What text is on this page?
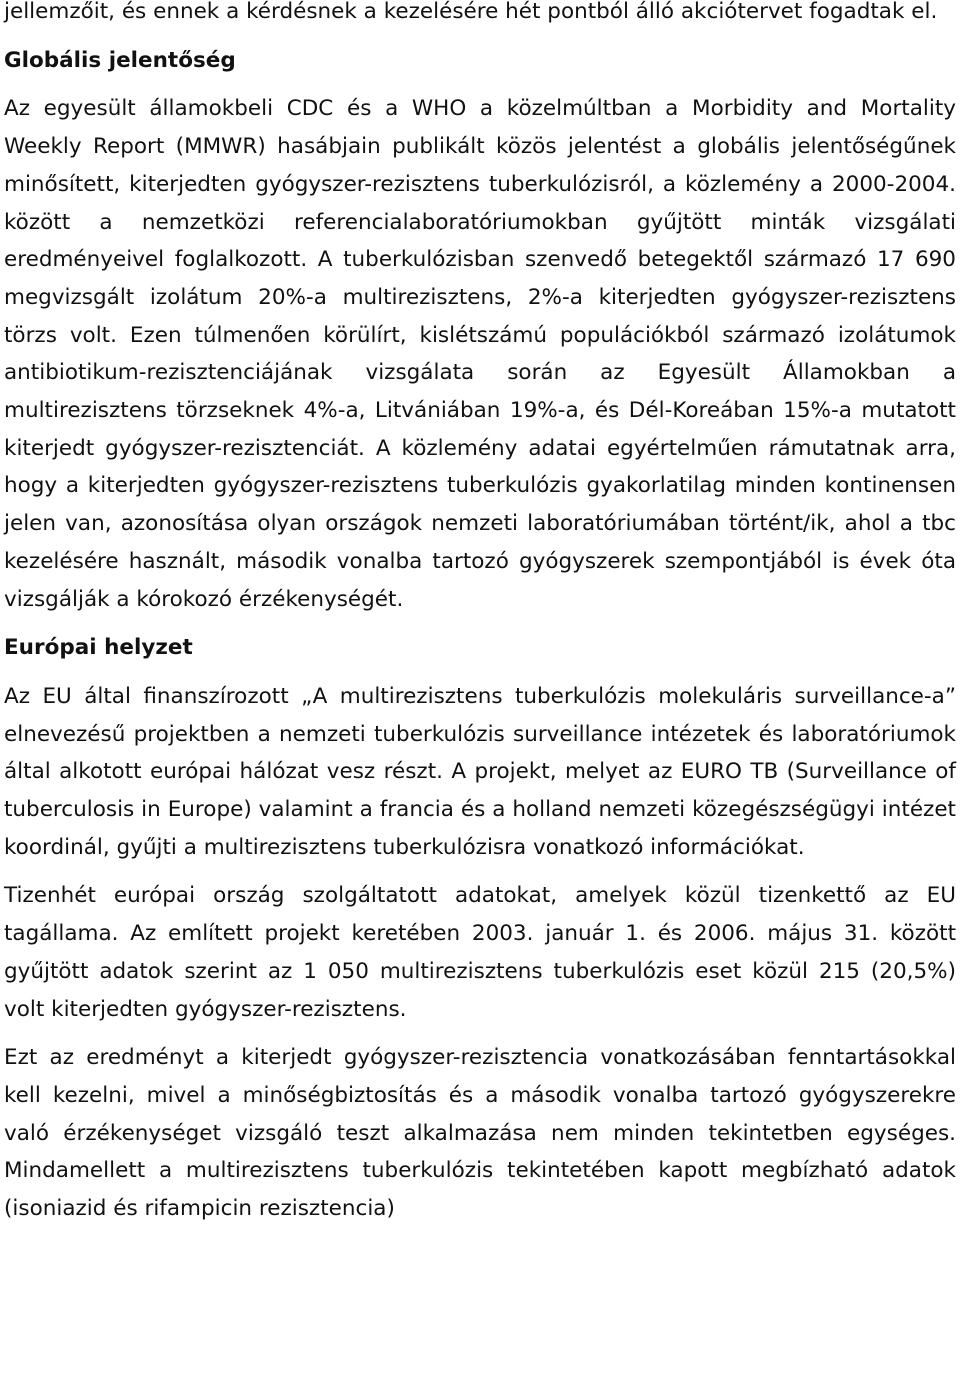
jellemzőit, és ennek a kérdésnek a kezelésére hét pontból álló akciótervet fogadtak el.

Globális jelentőség

Az egyesült államokbeli CDC és a WHO a közelmúltban a Morbidity and Mortality Weekly Report (MMWR) hasábjain publikált közös jelentést a globális jelentőségűnek minősített, kiterjedten gyógyszer-rezisztens tuberkulózisról, a közlemény a 2000-2004. között a nemzetközi referencialaboratóriumokban gyűjtött minták vizsgálati eredményeivel foglalkozott. A tuberkulózisban szenvedő betegektől származó 17 690 megvizsgált izolátum 20%-a multirezisztens, 2%-a kiterjedten gyógyszer-rezisztens törzs volt. Ezen túlmenően körülírt, kislétszámú populációkból származó izolátumok antibiotikum-rezisztenciájának vizsgálata során az Egyesült Államokban a multirezisztens törzseknek 4%-a, Litvániában 19%-a, és Dél-Koreában 15%-a mutatott kiterjedt gyógyszer-rezisztenciát. A közlemény adatai egyértelműen rámutatnak arra, hogy a kiterjedten gyógyszer-rezisztens tuberkulózis gyakorlatilag minden kontinensen jelen van, azonosítása olyan országok nemzeti laboratóriumában történt/ik, ahol a tbc kezelésére használt, második vonalba tartozó gyógyszerek szempontjából is évek óta vizsgálják a kórokozó érzékenységét.

Európai helyzet

Az EU által finanszírozott „A multirezisztens tuberkulózis molekuláris surveillance-a” elnevezésű projektben a nemzeti tuberkulózis surveillance intézetek és laboratóriumok által alkotott európai hálózat vesz részt. A projekt, melyet az EURO TB (Surveillance of tuberculosis in Europe) valamint a francia és a holland nemzeti közegészségügyi intézet koordinál, gyűjti a multirezisztens tuberkulózisra vonatkozó információkat.

Tizenhét európai ország szolgáltatott adatokat, amelyek közül tizenkettő az EU tagállama. Az említett projekt keretében 2003. január 1. és 2006. május 31. között gyűjtött adatok szerint az 1 050 multirezisztens tuberkulózis eset közül 215 (20,5%) volt kiterjedten gyógyszer-rezisztens.

Ezt az eredményt a kiterjedt gyógyszer-rezisztencia vonatkozásában fenntartásokkal kell kezelni, mivel a minőségbiztosítás és a második vonalba tartozó gyógyszerekre való érzékenységet vizsgáló teszt alkalmazása nem minden tekintetben egységes. Mindamellett a multirezisztens tuberkulózis tekintetében kapott megbízható adatok (isoniazid és rifampicin rezisztencia)
